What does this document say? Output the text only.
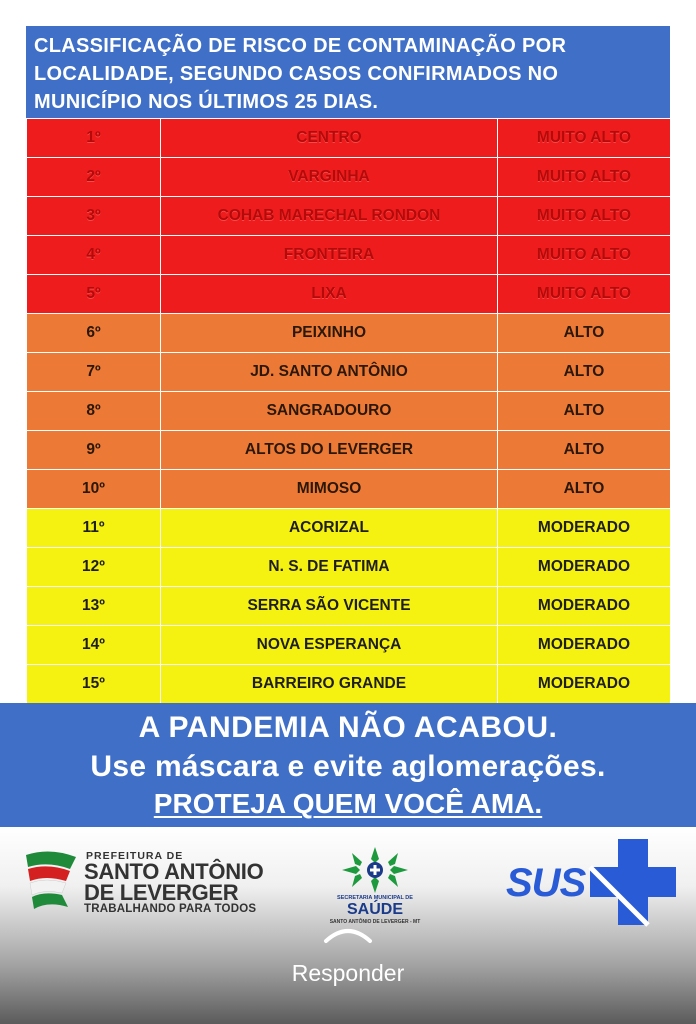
CLASSIFICAÇÃO DE RISCO DE CONTAMINAÇÃO POR LOCALIDADE, SEGUNDO CASOS CONFIRMADOS NO MUNICÍPIO NOS ÚLTIMOS 25 DIAS.
1º	CENTRO	MUITO ALTO
2º	VARGINHA	MUITO ALTO
3º	COHAB MARECHAL RONDON	MUITO ALTO
4º	FRONTEIRA	MUITO ALTO
5º	LIXA	MUITO ALTO
6º	PEIXINHO	ALTO
7º	JD. SANTO ANTÔNIO	ALTO
8º	SANGRADOURO	ALTO
9º	ALTOS DO LEVERGER	ALTO
10º	MIMOSO	ALTO
11º	ACORIZAL	MODERADO
12º	N. S. DE FATIMA	MODERADO
13º	SERRA SÃO VICENTE	MODERADO
14º	NOVA ESPERANÇA	MODERADO
15º	BARREIRO GRANDE	MODERADO
A PANDEMIA NÃO ACABOU.
Use máscara e evite aglomerações.
PROTEJA QUEM VOCÊ AMA.
PREFEITURA DE
SANTO ANTÔNIO
DE LEVERGER
TRABALHANDO PARA TODOS
SECRETARIA MUNICIPAL DE
SAÚDE
SANTO ANTÔNIO DE LEVERGER - MT
SUS
Responder
